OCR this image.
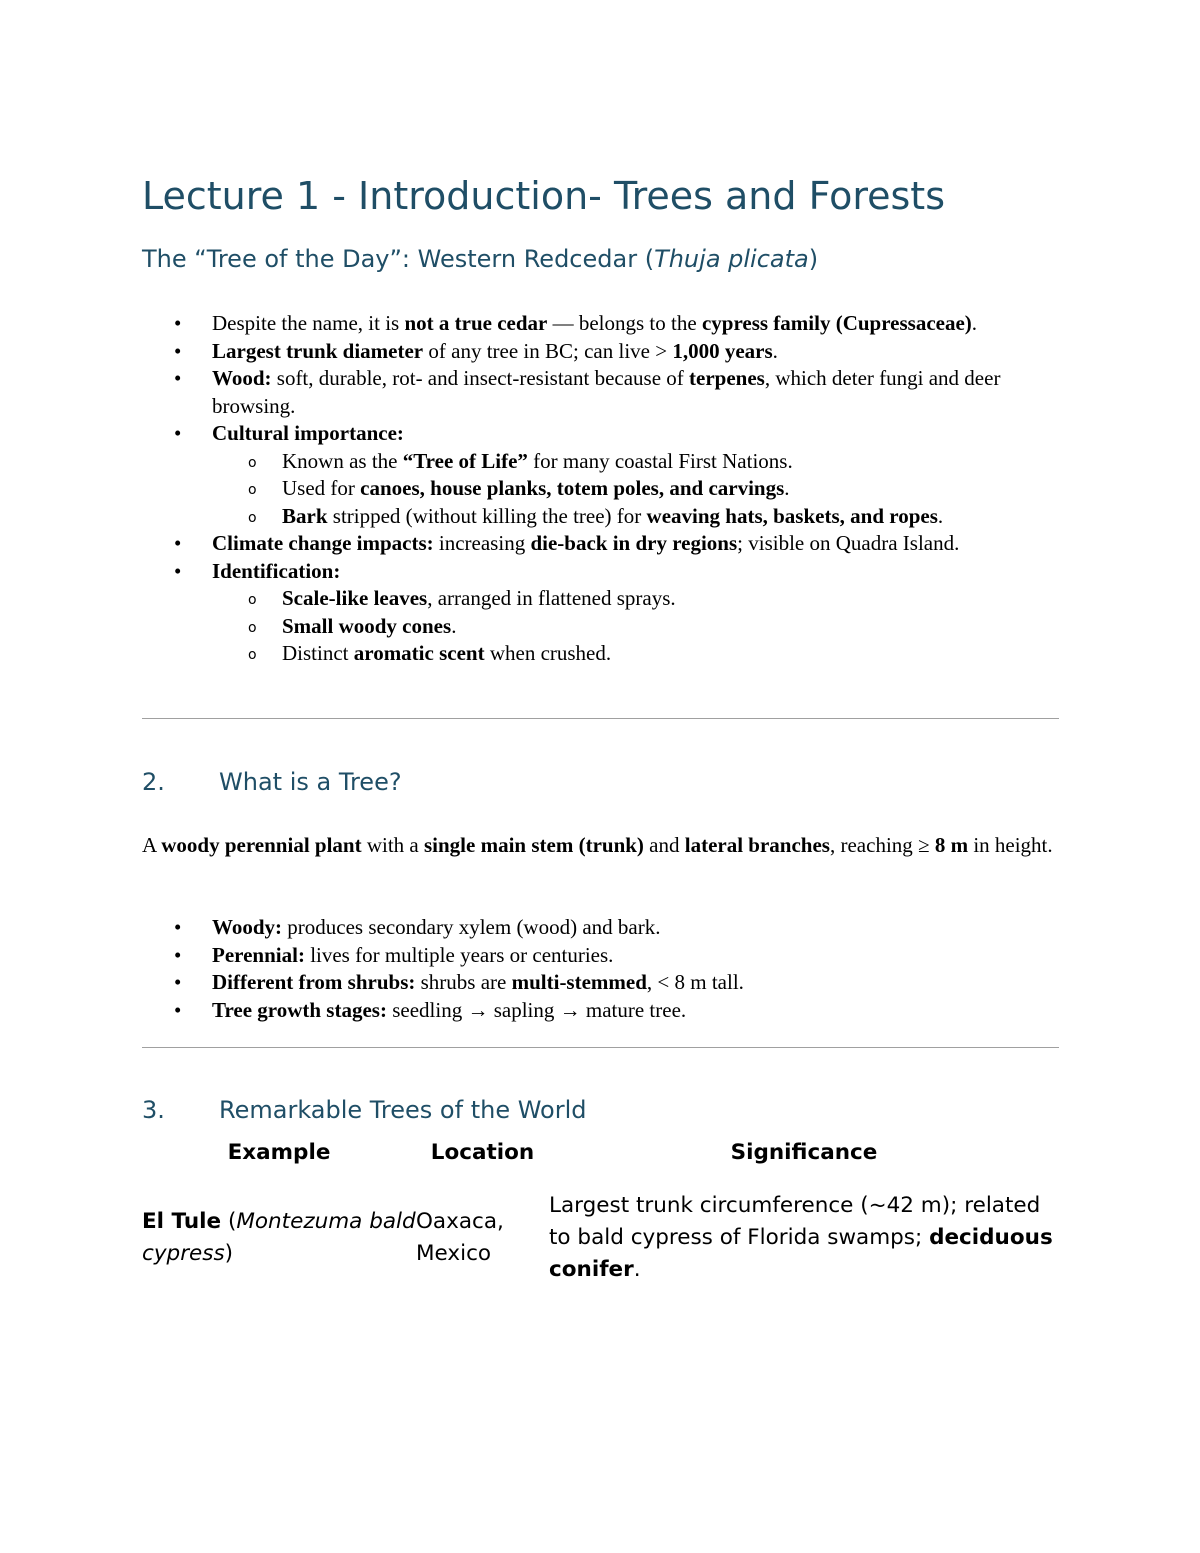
Lecture 1 - Introduction- Trees and Forests
The “Tree of the Day”: Western Redcedar (Thuja plicata)
• Despite the name, it is not a true cedar — belongs to the cypress family (Cupressaceae).
• Largest trunk diameter of any tree in BC; can live > 1,000 years.
• Wood: soft, durable, rot- and insect-resistant because of terpenes, which deter fungi and deer browsing.
• Cultural importance:
o Known as the “Tree of Life” for many coastal First Nations.
o Used for canoes, house planks, totem poles, and carvings.
o Bark stripped (without killing the tree) for weaving hats, baskets, and ropes.
• Climate change impacts: increasing die-back in dry regions; visible on Quadra Island.
• Identification:
o Scale-like leaves, arranged in flattened sprays.
o Small woody cones.
o Distinct aromatic scent when crushed.
2. What is a Tree?

A woody perennial plant with a single main stem (trunk) and lateral branches, reaching ≥ 8 m in height.

• Woody: produces secondary xylem (wood) and bark.
• Perennial: lives for multiple years or centuries.
• Different from shrubs: shrubs are multi-stemmed, < 8 m tall.
• Tree growth stages: seedling → sapling → mature tree.
3. Remarkable Trees of the World
Example	Location	Significance
El Tule (Montezuma bald cypress)	Oaxaca, Mexico	Largest trunk circumference (~42 m); related to bald cypress of Florida swamps; deciduous conifer.
